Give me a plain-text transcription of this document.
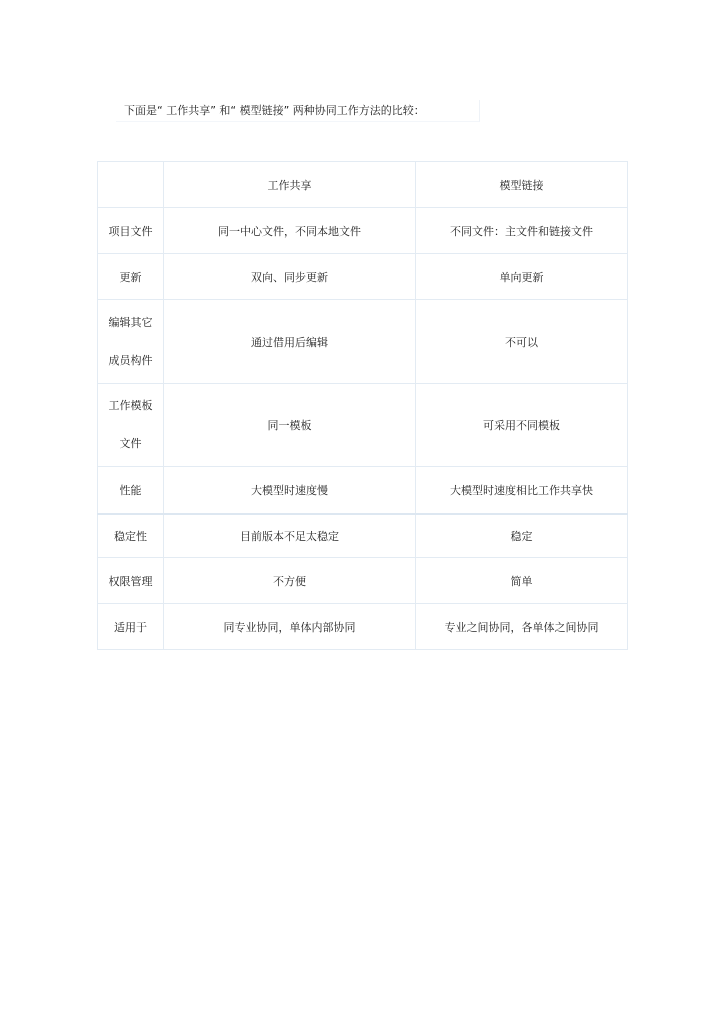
下面是“ 工作共享” 和“ 模型链接” 两种协同工作方法的比较：
	工作共享	模型链接
项目文件	同一中心文件，不同本地文件	不同文件：主文件和链接文件
更新	双向、同步更新	单向更新

编辑其它
成员构件	通过借用后编辑	不可以

工作模板
文件	同一模板	可采用不同模板
性能	大模型时速度慢	大模型时速度相比工作共享快
稳定性	目前版本不足太稳定	稳定
权限管理	不方便	简单
适用于	同专业协同，单体内部协同	专业之间协同，各单体之间协同
